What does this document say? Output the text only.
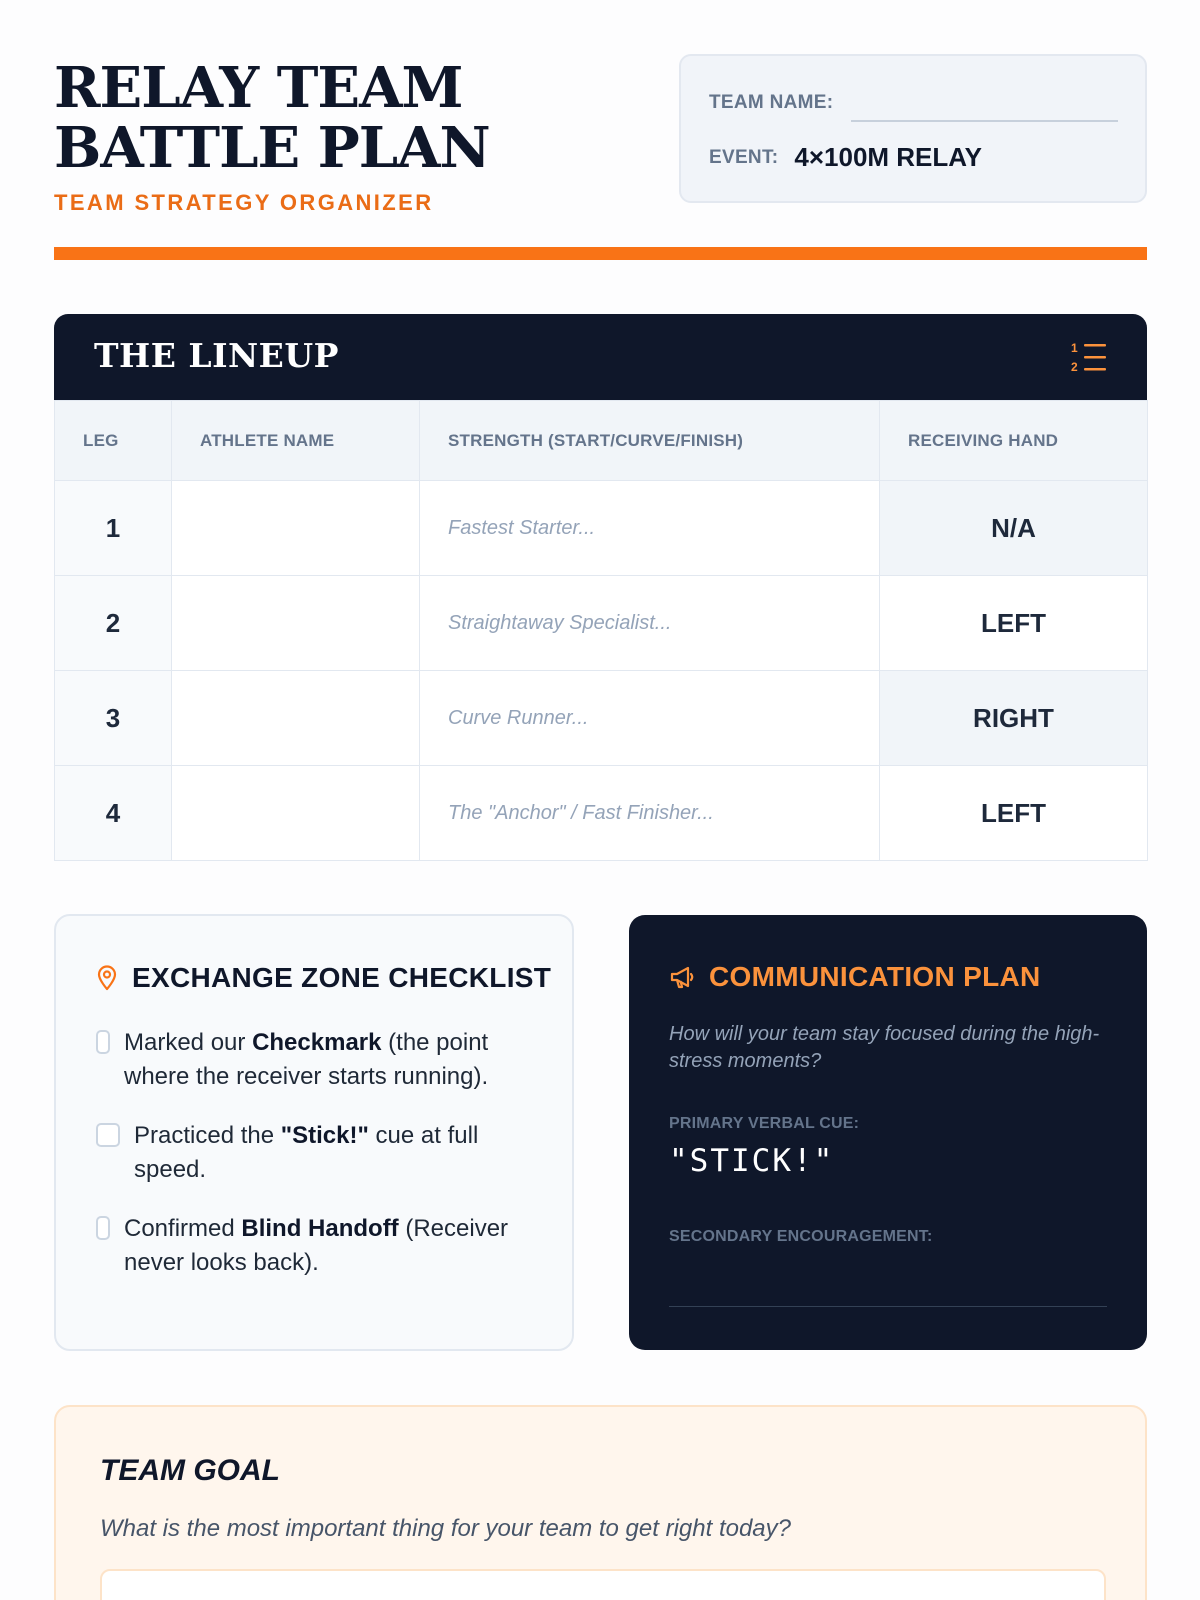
RELAY TEAM
BATTLE PLAN
TEAM STRATEGY ORGANIZER
TEAM NAME:
EVENT: 4×100M RELAY
THE LINEUP	1
2
LEG	ATHLETE NAME	STRENGTH (START/CURVE/FINISH)	RECEIVING HAND
1		Fastest Starter...	N/A
2		Straightaway Specialist...	LEFT
3		Curve Runner...	RIGHT
4		The "Anchor" / Fast Finisher...	LEFT
EXCHANGE ZONE CHECKLIST
Marked our Checkmark (the point where the receiver starts running).
Practiced the "Stick!" cue at full speed.
Confirmed Blind Handoff (Receiver never looks back).
COMMUNICATION PLAN
How will your team stay focused during the high-stress moments?
PRIMARY VERBAL CUE:
"STICK!"
SECONDARY ENCOURAGEMENT:
TEAM GOAL
What is the most important thing for your team to get right today?
